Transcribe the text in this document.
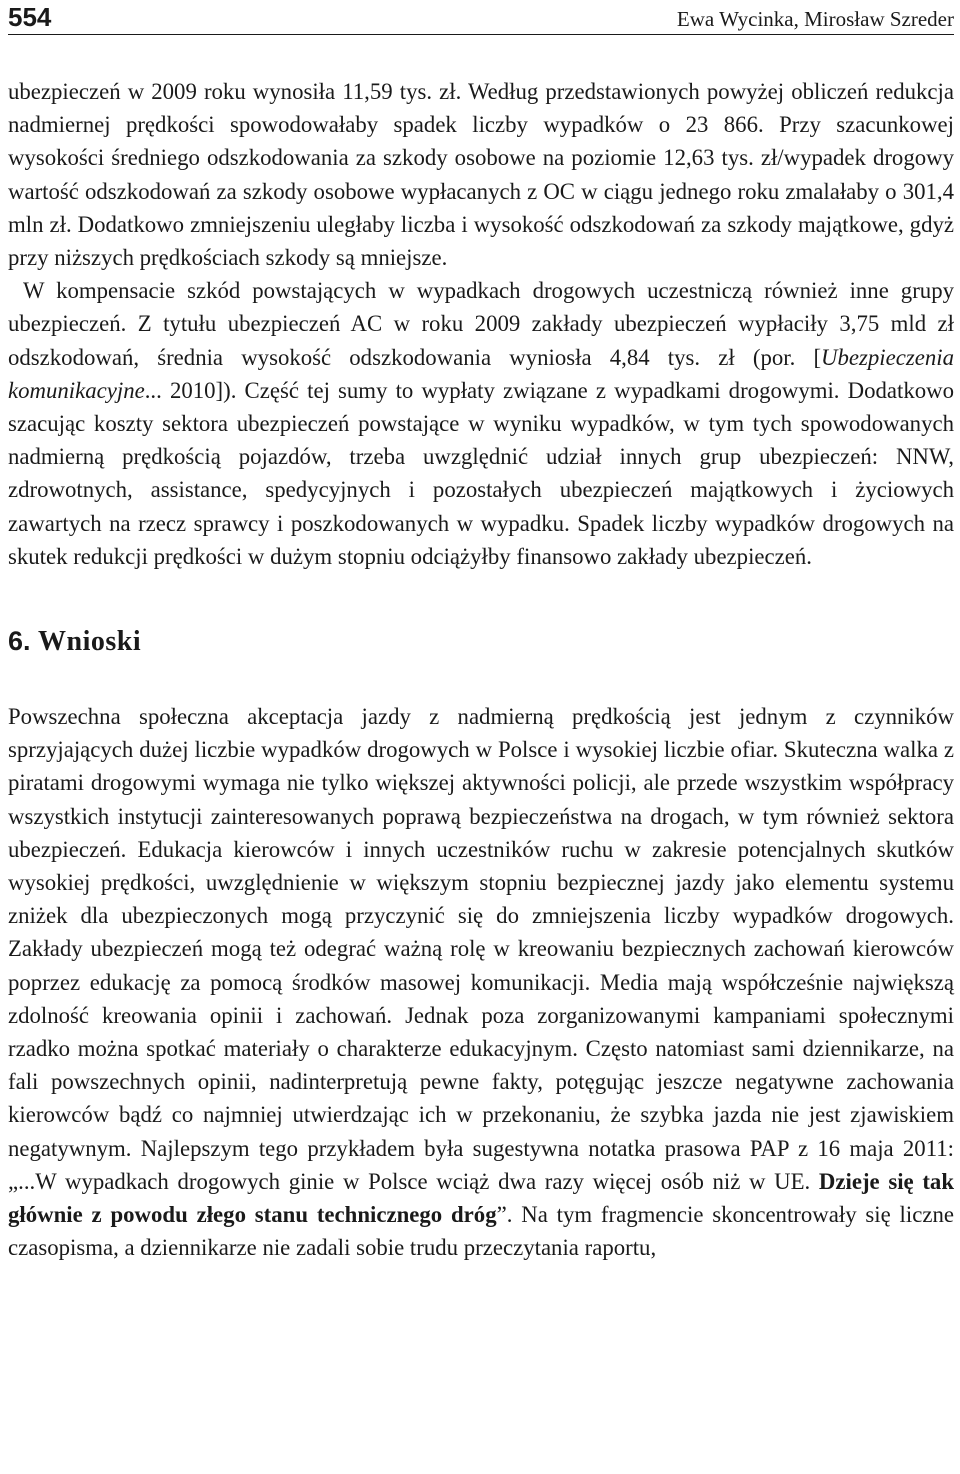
554	Ewa Wycinka, Mirosław Szreder

ubezpieczeń w 2009 roku wynosiła 11,59 tys. zł. Według przedstawionych powyżej obliczeń redukcja nadmiernej prędkości spowodowałaby spadek liczby wypadków o 23 866. Przy szacunkowej wysokości średniego odszkodowania za szkody osobowe na poziomie 12,63 tys. zł/wypadek drogowy wartość odszkodowań za szkody osobowe wypłacanych z OC w ciągu jednego roku zmalałaby o 301,4 mln zł. Dodatkowo zmniejszeniu uległaby liczba i wysokość odszkodowań za szkody majątkowe, gdyż przy niższych prędkościach szkody są mniejsze.

W kompensacie szkód powstających w wypadkach drogowych uczestniczą również inne grupy ubezpieczeń. Z tytułu ubezpieczeń AC w roku 2009 zakłady ubezpieczeń wypłaciły 3,75 mld zł odszkodowań, średnia wysokość odszkodowania wyniosła 4,84 tys. zł (por. [Ubezpieczenia komunikacyjne... 2010]). Część tej sumy to wypłaty związane z wypadkami drogowymi. Dodatkowo szacując koszty sektora ubezpieczeń powstające w wyniku wypadków, w tym tych spowodowanych nadmierną prędkością pojazdów, trzeba uwzględnić udział innych grup ubezpieczeń: NNW, zdrowotnych, assistance, spedycyjnych i pozostałych ubezpieczeń majątkowych i życiowych zawartych na rzecz sprawcy i poszkodowanych w wypadku. Spadek liczby wypadków drogowych na skutek redukcji prędkości w dużym stopniu odciążyłby finansowo zakłady ubezpieczeń.

6. Wnioski

Powszechna społeczna akceptacja jazdy z nadmierną prędkością jest jednym z czynników sprzyjających dużej liczbie wypadków drogowych w Polsce i wysokiej liczbie ofiar. Skuteczna walka z piratami drogowymi wymaga nie tylko większej aktywności policji, ale przede wszystkim współpracy wszystkich instytucji zainteresowanych poprawą bezpieczeństwa na drogach, w tym również sektora ubezpieczeń. Edukacja kierowców i innych uczestników ruchu w zakresie potencjalnych skutków wysokiej prędkości, uwzględnienie w większym stopniu bezpiecznej jazdy jako elementu systemu zniżek dla ubezpieczonych mogą przyczynić się do zmniejszenia liczby wypadków drogowych. Zakłady ubezpieczeń mogą też odegrać ważną rolę w kreowaniu bezpiecznych zachowań kierowców poprzez edukację za pomocą środków masowej komunikacji. Media mają współcześnie największą zdolność kreowania opinii i zachowań. Jednak poza zorganizowanymi kampaniami społecznymi rzadko można spotkać materiały o charakterze edukacyjnym. Często natomiast sami dziennikarze, na fali powszechnych opinii, nadinterpretują pewne fakty, potęgując jeszcze negatywne zachowania kierowców bądź co najmniej utwierdzając ich w przekonaniu, że szybka jazda nie jest zjawiskiem negatywnym. Najlepszym tego przykładem była sugestywna notatka prasowa PAP z 16 maja 2011: „...W wypadkach drogowych ginie w Polsce wciąż dwa razy więcej osób niż w UE. Dzieje się tak głównie z powodu złego stanu technicznego dróg”. Na tym fragmencie skoncentrowały się liczne czasopisma, a dziennikarze nie zadali sobie trudu przeczytania raportu,
